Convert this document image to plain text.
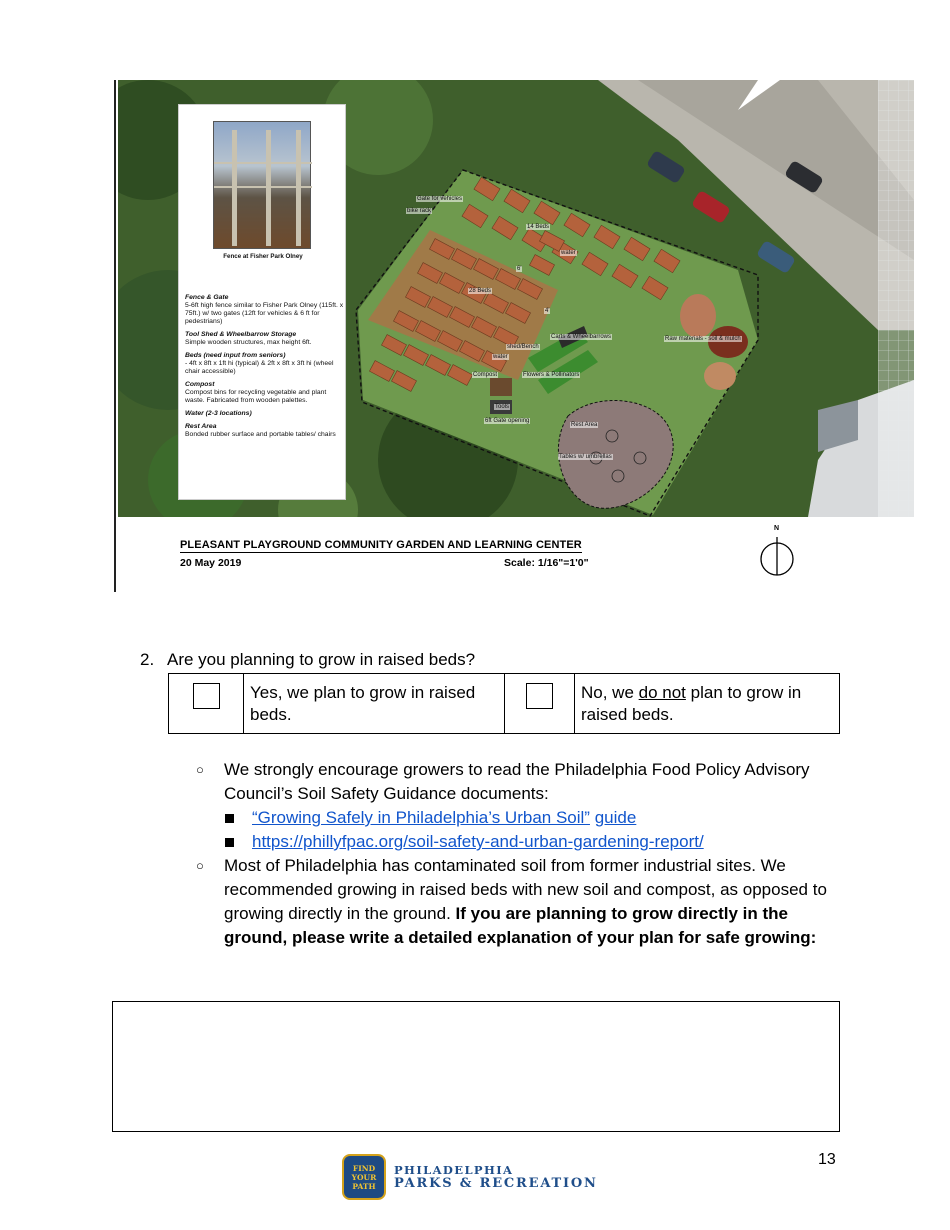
Fence at Fisher Park Olney
Fence & Gate
5-6ft high fence similar to Fisher Park Olney (115ft. x 75ft.) w/ two gates (12ft for vehicles & 6 ft for pedestrians)
Tool Shed & Wheelbarrow Storage
Simple wooden structures, max height 6ft.
Beds (need input from seniors)
- 4ft x 8ft x 1ft hi (typical) & 2ft x 8ft x 3ft hi (wheel chair accessible)
Compost
Compost bins for recycling vegetable and plant waste. Fabricated from wooden palettes.
Water (2-3 locations)
Rest Area
Bonded rubber surface and portable tables/ chairs
Gate for vehicles
bike rack
14 Beds
water
28 Beds
6'
4'
shed/Bench
water
Carts & Wheelbarrows
Compost	Flowers & Pollinators
Tools
6ft Gate opening
Rest Area
Tables w/ umbrellas
Raw materials - soil & mulch
PLEASANT PLAYGROUND COMMUNITY GARDEN AND LEARNING CENTER
20 May 2019	Scale: 1/16"=1'0"
N
2. Are you planning to grow in raised beds?
	Yes, we plan to grow in raised beds.		No, we do not plan to grow in raised beds.
○ We strongly encourage growers to read the Philadelphia Food Policy Advisory Council’s Soil Safety Guidance documents:
“Growing Safely in Philadelphia’s Urban Soil” guide
https://phillyfpac.org/soil-safety-and-urban-gardening-report/
○ Most of Philadelphia has contaminated soil from former industrial sites. We recommended growing in raised beds with new soil and compost, as opposed to growing directly in the ground. If you are planning to grow directly in the ground, please write a detailed explanation of your plan for safe growing:
13
FIND
YOUR
PATH
PHILADELPHIA
PARKS & RECREATION
